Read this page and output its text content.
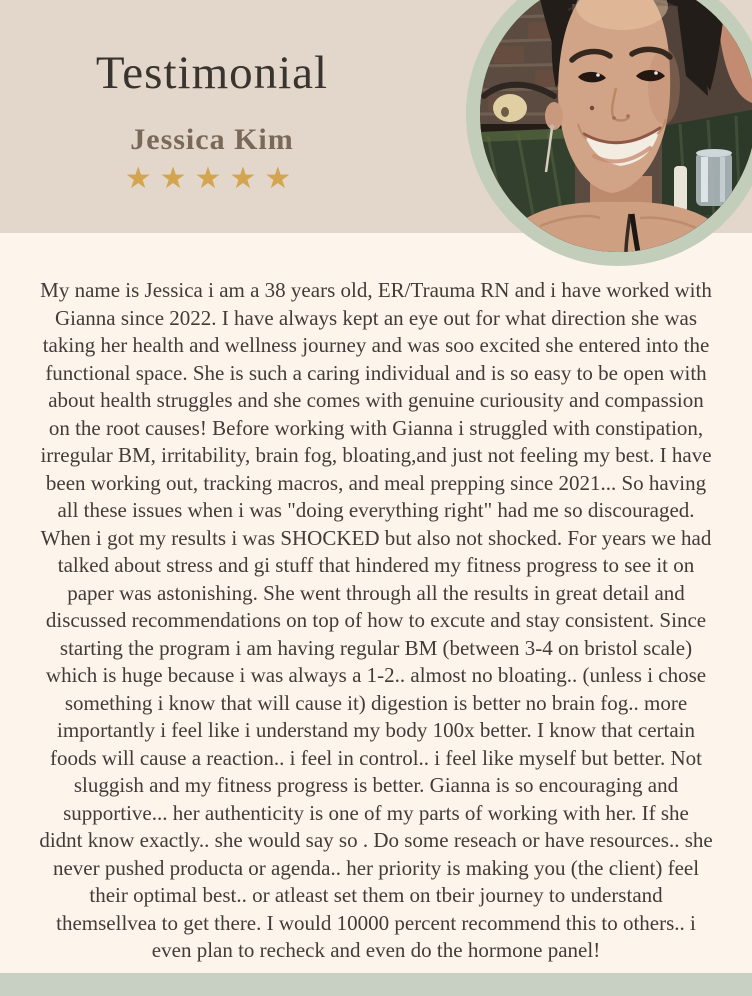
Testimonial
Jessica Kim
★★★★★
My name is Jessica i am a 38 years old, ER/Trauma RN and i have worked with
Gianna since 2022. I have always kept an eye out for what direction she was
taking her health and wellness journey and was soo excited she entered into the
functional space. She is such a caring individual and is so easy to be open with
about health struggles and she comes with genuine curiousity and compassion
on the root causes! Before working with Gianna i struggled with constipation,
irregular BM, irritability, brain fog, bloating,and just not feeling my best. I have
been working out, tracking macros, and meal prepping since 2021... So having
all these issues when i was "doing everything right" had me so discouraged.
When i got my results i was SHOCKED but also not shocked. For years we had
talked about stress and gi stuff that hindered my fitness progress to see it on
paper was astonishing. She went through all the results in great detail and
discussed recommendations on top of how to excute and stay consistent. Since
starting the program i am having regular BM (between 3-4 on bristol scale)
which is huge because i was always a 1-2.. almost no bloating.. (unless i chose
something i know that will cause it) digestion is better no brain fog.. more
importantly i feel like i understand my body 100x better. I know that certain
foods will cause a reaction.. i feel in control.. i feel like myself but better. Not
sluggish and my fitness progress is better. Gianna is so encouraging and
supportive... her authenticity is one of my parts of working with her. If she
didnt know exactly.. she would say so . Do some reseach or have resources.. she
never pushed producta or agenda.. her priority is making you (the client) feel
their optimal best.. or atleast set them on tbeir journey to understand
themsellvea to get there. I would 10000 percent recommend this to others.. i
even plan to recheck and even do the hormone panel!
